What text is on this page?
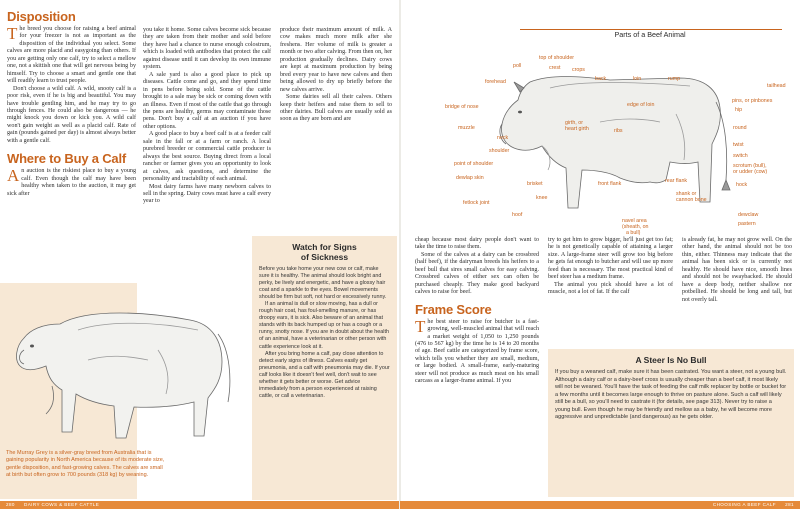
Disposition

The breed you choose for raising a beef animal for your freezer is not as important as the disposition of the individual you select. Some calves are more placid and easygoing than others. If you are getting only one calf, try to select a mellow one, not a skittish one that will get nervous being by himself. Try to choose a smart and gentle one that will readily learn to trust people.

Don't choose a wild calf. A wild, snooty calf is a poor risk, even if he is big and beautiful. You may have trouble gentling him, and he may try to go through fences. He could also be dangerous — he might knock you down or kick you. A wild calf won't gain weight as well as a placid calf. Rate of gain (pounds gained per day) is almost always better with a gentle calf.

Where to Buy a Calf

An auction is the riskiest place to buy a young calf. Even though the calf may have been healthy when taken to the auction, it may get sick after

you take it home. Some calves become sick because they are taken from their mother and sold before they have had a chance to nurse enough colostrum, which is loaded with antibodies that protect the calf against disease until it can develop its own immune system.

A sale yard is also a good place to pick up diseases. Cattle come and go, and they spend time in pens before being sold. Some of the cattle brought to a sale may be sick or coming down with an illness. Even if most of the cattle that go through the pens are healthy, germs may contaminate those pens. Don't buy a calf at an auction if you have other options.

A good place to buy a beef calf is at a feeder calf sale in the fall or at a farm or ranch. A local purebred breeder or commercial cattle producer is always the best source. Buying direct from a local rancher or farmer gives you an opportunity to look at calves, ask questions, and determine the personality and tractability of each animal.

Most dairy farms have many newborn calves to sell in the spring. Dairy cows must have a calf every year to

produce their maximum amount of milk. A cow makes much more milk after she freshens. Her volume of milk is greater a month or two after calving. From then on, her production gradually declines. Dairy cows are kept at maximum production by being bred every year to have new calves and then being allowed to dry up briefly before the new calves arrive.

Some dairies sell all their calves. Others keep their heifers and raise them to sell to other dairies. Bull calves are usually sold as soon as they are born and are

Watch for Signs
of Sickness

Before you take home your new cow or calf, make sure it is healthy. The animal should look bright and perky, be lively and energetic, and have a glossy hair coat and a sparkle to the eyes. Bowel movements should be firm but soft, not hard or excessively runny.

If an animal is dull or slow moving, has a dull or rough hair coat, has foul-smelling manure, or has droopy ears, it is sick. Also beware of an animal that stands with its back humped up or has a cough or a runny, snotty nose. If you are in doubt about the health of an animal, have a veterinarian or other person with cattle experience look at it.

After you bring home a calf, pay close attention to detect early signs of illness. Calves easily get pneumonia, and a calf with pneumonia may die. If your calf looks like it doesn't feel well, don't wait to see whether it gets better or worse. Get advice immediately from a person experienced at raising cattle, or call a veterinarian.

The Murray Grey is a silver-gray breed from Australia that is gaining popularity in North America because of its moderate size, gentle disposition, and fast-growing calves. The calves are small at birth but often grow to 700 pounds (318 kg) by weaning.
280 DAIRY COWS & BEEF CATTLE
Parts of a Beef Animal
poll
top of shoulder
crest crops
back	loin	rump
tailhead
forehead
pins, or pinbones
hip
edge of loin
bridge of nose
round
muzzle
girth, or
heart girth	ribs
neck
twist
shoulder
switch
point of shoulder	scrotum (bull),
or udder (cow)
dewlap skin
brisket	front flank	rear flank
hock
shank or
cannon bone
knee
fetlock joint
hoof	dewclaw
pastern
navel area
(sheath, on
a bull)

cheap because most dairy people don't want to take the time to raise them.

Some of the calves at a dairy can be crossbred (half beef), if the dairyman breeds his heifers to a beef bull that sires small calves for easy calving. Crossbred calves of either sex can often be purchased cheaply. They make good backyard calves to raise for beef.

Frame Score

The best steer to raise for butcher is a fast-growing, well-muscled animal that will reach a market weight of 1,050 to 1,250 pounds (476 to 567 kg) by the time he is 14 to 20 months of age. Beef cattle are categorized by frame score, which tells you whether they are small, medium, or large bodied. A small-frame, early-maturing steer will not produce as much meat on his small carcass as a larger-frame animal. If you

try to get him to grow bigger, he'll just get too fat; he is not genetically capable of attaining a larger size. A large-frame steer will grow too big before he gets fat enough to butcher and will use up more feed than is necessary. The most practical kind of beef steer has a medium frame.

The animal you pick should have a lot of muscle, not a lot of fat. If the calf

is already fat, he may not grow well. On the other hand, the animal should not be too thin, either. Thinness may indicate that the animal has been sick or is currently not healthy. He should have nice, smooth lines and should not be swaybacked. He should have a deep body, neither shallow nor potbellied. He should be long and tall, but not overly tall.

A Steer Is No Bull

If you buy a weaned calf, make sure it has been castrated. You want a steer, not a young bull. Although a dairy calf or a dairy-beef cross is usually cheaper than a beef calf, it most likely will not be weaned. You'll have the task of feeding the calf milk replacer by bottle or bucket for a few months until it becomes large enough to thrive on pasture alone. Such a calf will likely still be a bull, so you'll need to castrate it (for details, see page 313). Never try to raise a young bull. Even though he may be friendly and mellow as a baby, he will become more aggressive and unpredictable (and dangerous) as he gets older.

CHOOSING A BEEF CALF 281
